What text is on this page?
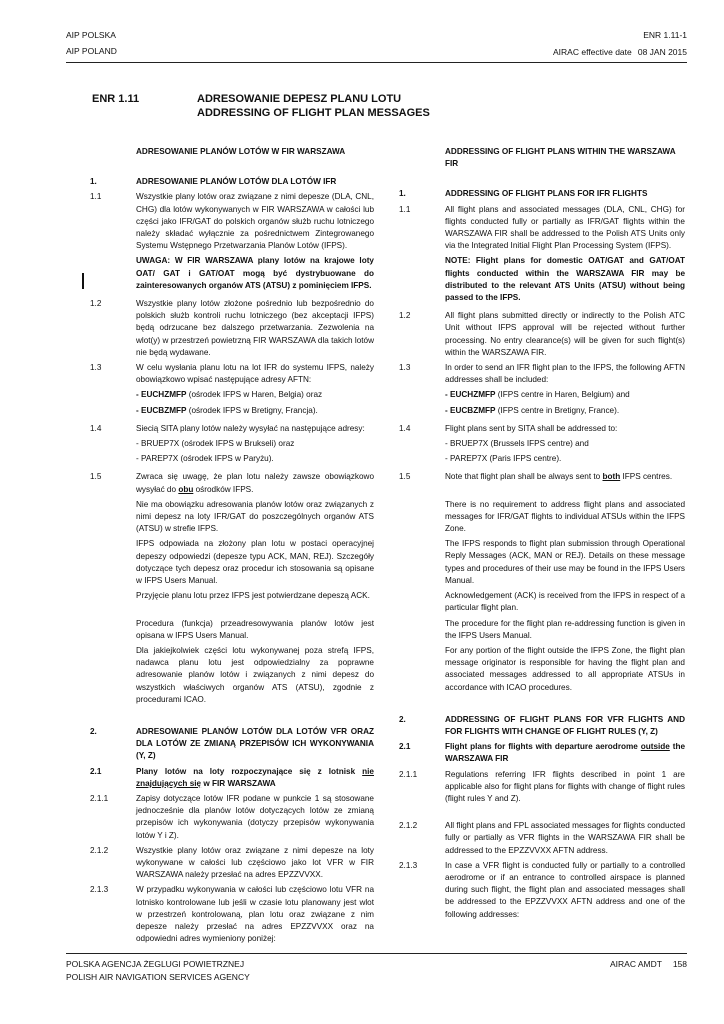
AIP POLSKA
AIP POLAND
ENR 1.11-1
AIRAC effective date 08 JAN 2015
ENR 1.11	ADRESOWANIE DEPESZ PLANU LOTU
ADDRESSING OF FLIGHT PLAN MESSAGES
ADRESOWANIE PLANÓW LOTÓW W FIR WARSZAWA
1.	ADRESOWANIE PLANÓW LOTÓW DLA LOTÓW IFR
1.1	Wszystkie plany lotów oraz związane z nimi depesze (DLA, CNL, CHG) dla lotów wykonywanych w FIR WARSZAWA w całości lub części jako IFR/GAT do polskich organów służb ruchu lotniczego należy składać wyłącznie za pośrednictwem Zintegrowanego Systemu Wstępnego Przetwarzania Planów Lotów (IFPS).
UWAGA: W FIR WARSZAWA plany lotów na krajowe loty OAT/ GAT i GAT/OAT mogą być dystrybuowane do zainteresowanych organów ATS (ATSU) z pominięciem IFPS.
1.2	Wszystkie plany lotów złożone pośrednio lub bezpośrednio do polskich służb kontroli ruchu lotniczego (bez akceptacji IFPS) będą odrzucane bez dalszego przetwarzania. Zezwolenia na wlot(y) w przestrzeń powietrzną FIR WARSZAWA dla takich lotów nie będą wydawane.
1.3	W celu wysłania planu lotu na lot IFR do systemu IFPS, należy obowiązkowo wpisać następujące adresy AFTN:
- EUCHZMFP (ośrodek IFPS w Haren, Belgia) oraz
- EUCBZMFP (ośrodek IFPS w Bretigny, Francja).
1.4	Siecią SITA plany lotów należy wysyłać na następujące adresy:
- BRUEP7X (ośrodek IFPS w Brukseli) oraz
- PAREP7X (ośrodek IFPS w Paryżu).
1.5	Zwraca się uwagę, że plan lotu należy zawsze obowiązkowo wysyłać do obu ośrodków IFPS.
Nie ma obowiązku adresowania planów lotów oraz związanych z nimi depesz na loty IFR/GAT do poszczególnych organów ATS (ATSU) w strefie IFPS.
IFPS odpowiada na złożony plan lotu w postaci operacyjnej depeszy odpowiedzi (depesze typu ACK, MAN, REJ). Szczegóły dotyczące tych depesz oraz procedur ich stosowania są opisane w IFPS Users Manual.
Przyjęcie planu lotu przez IFPS jest potwierdzane depeszą ACK.
Procedura (funkcja) przeadresowywania planów lotów jest opisana w IFPS Users Manual.
Dla jakiejkolwiek części lotu wykonywanej poza strefą IFPS, nadawca planu lotu jest odpowiedzialny za poprawne adresowanie planów lotów i związanych z nimi depesz do wszystkich właściwych organów ATS (ATSU), zgodnie z procedurami ICAO.
2.	ADRESOWANIE PLANÓW LOTÓW DLA LOTÓW VFR ORAZ DLA LOTÓW ZE ZMIANĄ PRZEPISÓW ICH WYKONYWANIA (Y, Z)
2.1	Plany lotów na loty rozpoczynające się z lotnisk nie znajdujących się w FIR WARSZAWA
2.1.1	Zapisy dotyczące lotów IFR podane w punkcie 1 są stosowane jednocześnie dla planów lotów dotyczących lotów ze zmianą przepisów ich wykonywania (dotyczy przepisów wykonywania lotów Y i Z).
2.1.2	Wszystkie plany lotów oraz związane z nimi depesze na loty wykonywane w całości lub częściowo jako lot VFR w FIR WARSZAWA należy przesłać na adres EPZZVVXX.
2.1.3	W przypadku wykonywania w całości lub częściowo lotu VFR na lotnisko kontrolowane lub jeśli w czasie lotu planowany jest wlot w przestrzeń kontrolowaną, plan lotu oraz związane z nim depesze należy przesłać na adres EPZZVVXX oraz na odpowiedni adres wymieniony poniżej:
ADDRESSING OF FLIGHT PLANS WITHIN THE WARSZAWA FIR
1.	ADDRESSING OF FLIGHT PLANS FOR IFR FLIGHTS
1.1	All flight plans and associated messages (DLA, CNL, CHG) for flights conducted fully or partially as IFR/GAT flights within the WARSZAWA FIR shall be addressed to the Polish ATS Units only via the Integrated Initial Flight Plan Processing System (IFPS).
NOTE: Flight plans for domestic OAT/GAT and GAT/OAT flights conducted within the WARSZAWA FIR may be distributed to the relevant ATS Units (ATSU) without being passed to the IFPS.
1.2	All flight plans submitted directly or indirectly to the Polish ATC Unit without IFPS approval will be rejected without further processing. No entry clearance(s) will be given for such flight(s) within the WARSZAWA FIR.
1.3	In order to send an IFR flight plan to the IFPS, the following AFTN addresses shall be included:
- EUCHZMFP (IFPS centre in Haren, Belgium) and
- EUCBZMFP (IFPS centre in Bretigny, France).
1.4	Flight plans sent by SITA shall be addressed to:
- BRUEP7X (Brussels IFPS centre) and
- PAREP7X (Paris IFPS centre).
1.5	Note that flight plan shall be always sent to both IFPS centres.
There is no requirement to address flight plans and associated messages for IFR/GAT flights to individual ATSUs within the IFPS Zone.
The IFPS responds to flight plan submission through Operational Reply Messages (ACK, MAN or REJ). Details on these message types and procedures of their use may be found in the IFPS Users Manual.
Acknowledgement (ACK) is received from the IFPS in respect of a particular flight plan.
The procedure for the flight plan re-addressing function is given in the IFPS Users Manual.
For any portion of the flight outside the IFPS Zone, the flight plan message originator is responsible for having the flight plan and associated messages addressed to all appropriate ATSUs in accordance with ICAO procedures.
2.	ADDRESSING OF FLIGHT PLANS FOR VFR FLIGHTS AND FOR FLIGHTS WITH CHANGE OF FLIGHT RULES (Y, Z)
2.1	Flight plans for flights with departure aerodrome outside the WARSZAWA FIR
2.1.1	Regulations referring IFR flights described in point 1 are applicable also for flight plans for flights with change of flight rules (flight rules Y and Z).
2.1.2	All flight plans and FPL associated messages for flights conducted fully or partially as VFR flights in the WARSZAWA FIR shall be addressed to the EPZZVVXX AFTN address.
2.1.3	In case a VFR flight is conducted fully or partially to a controlled aerodrome or if an entrance to controlled airspace is planned during such flight, the flight plan and associated messages shall be addressed to the EPZZVVXX AFTN address and one of the following addresses:
POLSKA AGENCJA ŻEGLUGI POWIETRZNEJ
POLISH AIR NAVIGATION SERVICES AGENCY
AIRAC AMDT 158
